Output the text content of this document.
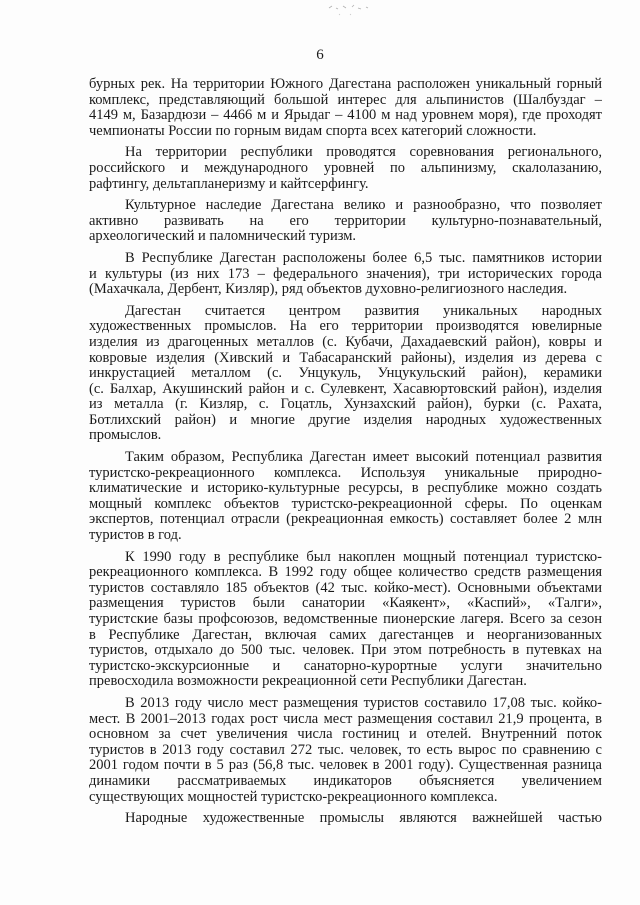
6
бурных рек. На территории Южного Дагестана расположен уникальный горный
комплекс, представляющий большой интерес для альпинистов (Шалбуздаг –
4149 м, Базардюзи – 4466 м и Ярыдаг – 4100 м над уровнем моря), где проходят
чемпионаты России по горным видам спорта всех категорий сложности.
На территории республики проводятся соревнования регионального,
российского и международного уровней по альпинизму, скалолазанию,
рафтингу, дельтапланеризму и кайтсерфингу.
Культурное наследие Дагестана велико и разнообразно, что позволяет
активно развивать на его территории культурно-познавательный,
археологический и паломнический туризм.
В Республике Дагестан расположены более 6,5 тыс. памятников истории
и культуры (из них 173 – федерального значения), три исторических города
(Махачкала, Дербент, Кизляр), ряд объектов духовно-религиозного наследия.
Дагестан считается центром развития уникальных народных
художественных промыслов. На его территории производятся ювелирные
изделия из драгоценных металлов (с. Кубачи, Дахадаевский район), ковры и
ковровые изделия (Хивский и Табасаранский районы), изделия из дерева с
инкрустацией металлом (с. Унцукуль, Унцукульский район), керамики
(с. Балхар, Акушинский район и с. Сулевкент, Хасавюртовский район), изделия
из металла (г. Кизляр, с. Гоцатль, Хунзахский район), бурки (с. Рахата,
Ботлихский район) и многие другие изделия народных художественных
промыслов.
Таким образом, Республика Дагестан имеет высокий потенциал развития
туристско-рекреационного комплекса. Используя уникальные природно-
климатические и историко-культурные ресурсы, в республике можно создать
мощный комплекс объектов туристско-рекреационной сферы. По оценкам
экспертов, потенциал отрасли (рекреационная емкость) составляет более 2 млн
туристов в год.
К 1990 году в республике был накоплен мощный потенциал туристско-
рекреационного комплекса. В 1992 году общее количество средств размещения
туристов составляло 185 объектов (42 тыс. койко-мест). Основными объектами
размещения туристов были санатории «Каякент», «Каспий», «Талги»,
туристские базы профсоюзов, ведомственные пионерские лагеря. Всего за сезон
в Республике Дагестан, включая самих дагестанцев и неорганизованных
туристов, отдыхало до 500 тыс. человек. При этом потребность в путевках на
туристско-экскурсионные и санаторно-курортные услуги значительно
превосходила возможности рекреационной сети Республики Дагестан.
В 2013 году число мест размещения туристов составило 17,08 тыс. койко-
мест. В 2001–2013 годах рост числа мест размещения составил 21,9 процента, в
основном за счет увеличения числа гостиниц и отелей. Внутренний поток
туристов в 2013 году составил 272 тыс. человек, то есть вырос по сравнению с
2001 годом почти в 5 раз (56,8 тыс. человек в 2001 году). Существенная разница
динамики рассматриваемых индикаторов объясняется увеличением
существующих мощностей туристско-рекреационного комплекса.
Народные художественные промыслы являются важнейшей частью
